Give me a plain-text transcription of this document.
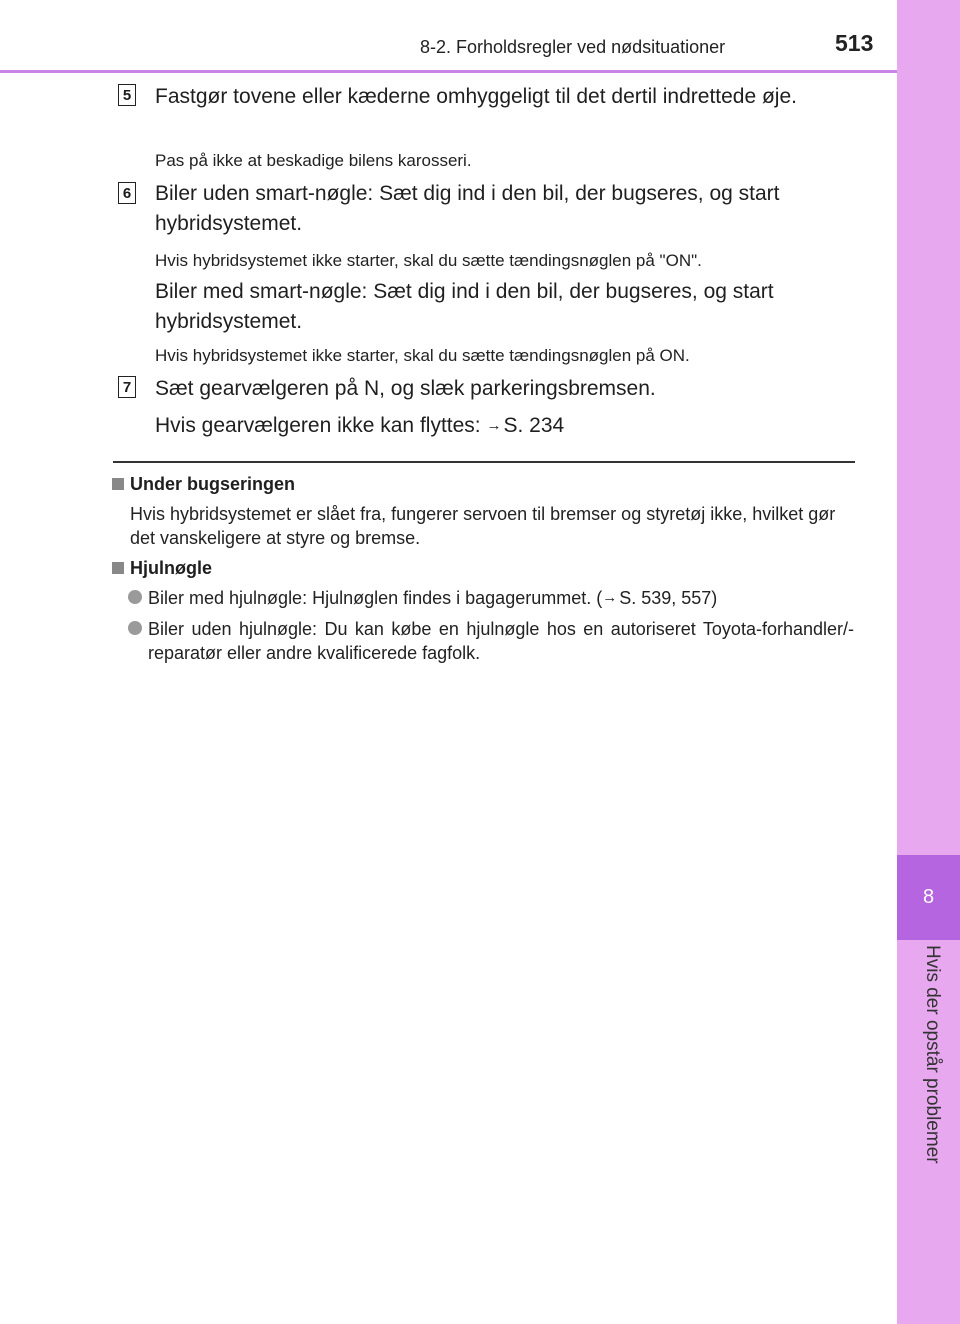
8-2. Forholdsregler ved nødsituationer	513
8
Hvis der opstår problemer
5 Fastgør tovene eller kæderne omhyggeligt til det dertil indrettede øje.
Pas på ikke at beskadige bilens karosseri.
6 Biler uden smart-nøgle: Sæt dig ind i den bil, der bugseres, og start hybridsystemet.
Hvis hybridsystemet ikke starter, skal du sætte tændingsnøglen på "ON".
Biler med smart-nøgle: Sæt dig ind i den bil, der bugseres, og start hybridsystemet.
Hvis hybridsystemet ikke starter, skal du sætte tændingsnøglen på ON.
7 Sæt gearvælgeren på N, og slæk parkeringsbremsen.
Hvis gearvælgeren ikke kan flyttes: →S. 234
Under bugseringen
Hvis hybridsystemet er slået fra, fungerer servoen til bremser og styretøj ikke, hvilket gør det vanskeligere at styre og bremse.
Hjulnøgle
Biler med hjulnøgle: Hjulnøglen findes i bagagerummet. (→ S. 539, 557)
Biler uden hjulnøgle: Du kan købe en hjulnøgle hos en autoriseret Toyota-forhandler/-reparatør eller andre kvalificerede fagfolk.
